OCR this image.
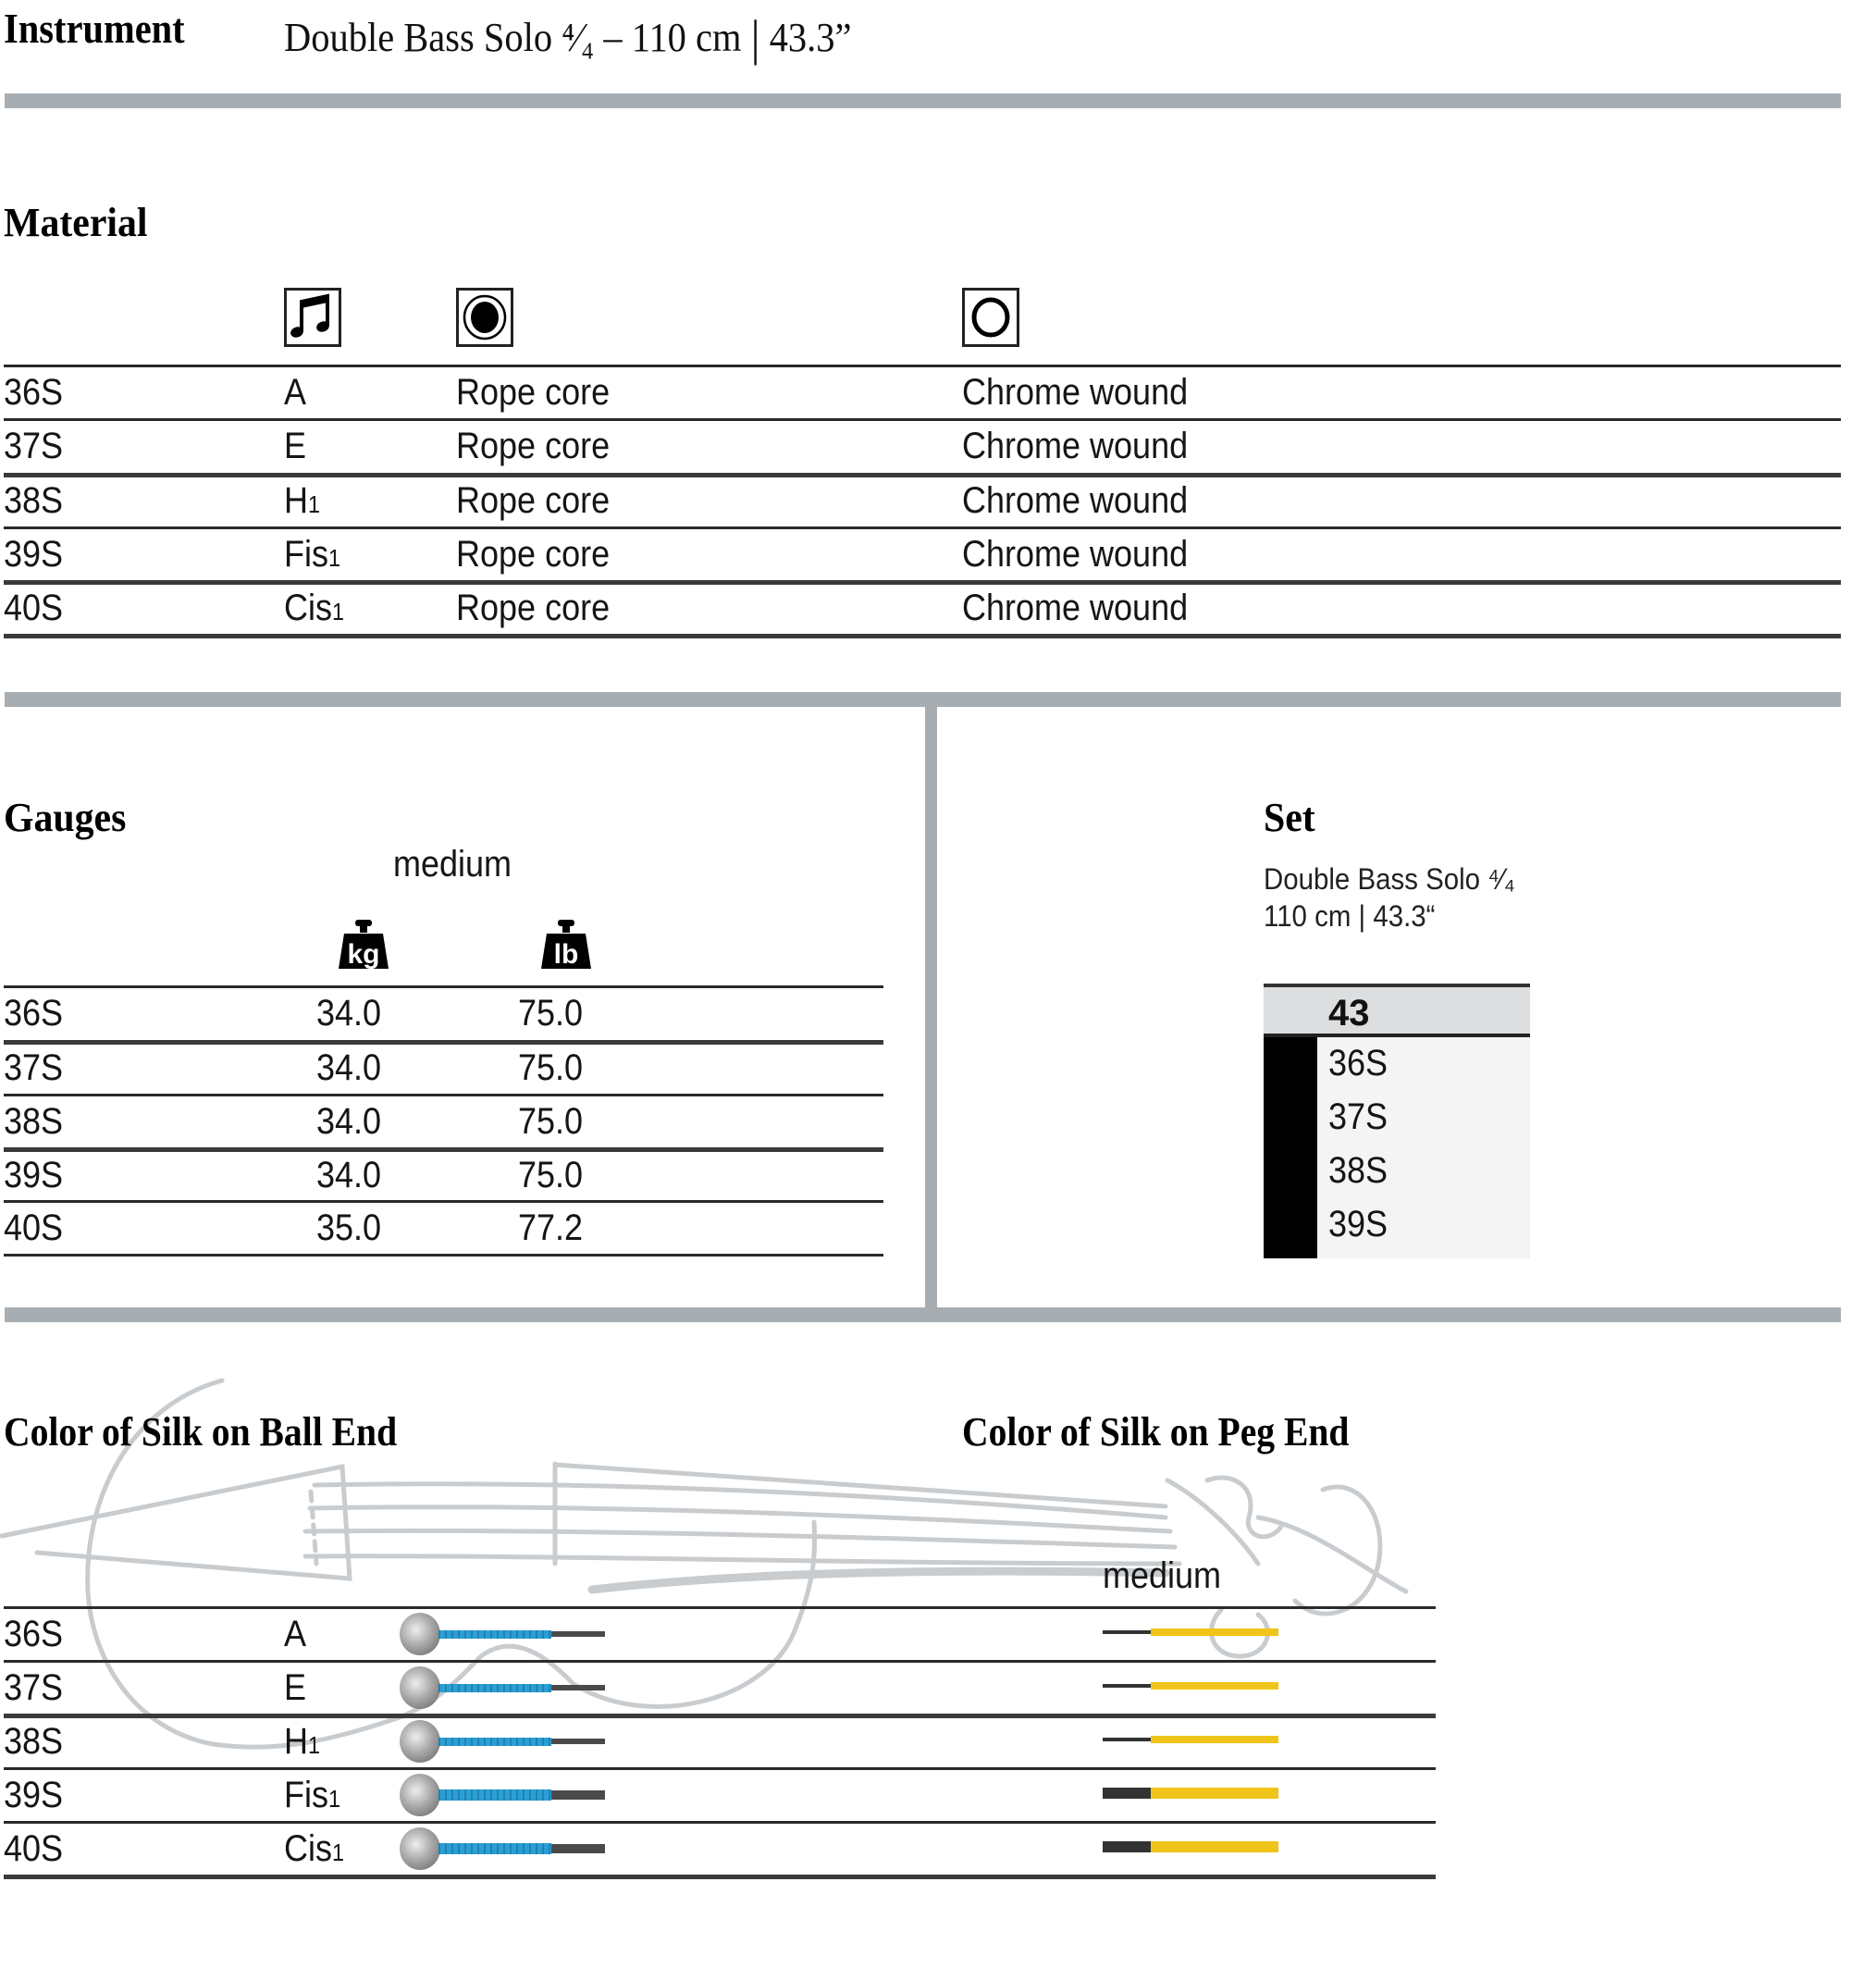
Instrument Double Bass Solo ⁴⁄₄ – 110 cm | 43.3”
Material
36S	A	Rope core	Chrome wound
37S	E	Rope core	Chrome wound
38S	H1	Rope core	Chrome wound
39S	Fis1	Rope core	Chrome wound
40S	Cis1	Rope core	Chrome wound
Gauges
medium
kg	lb
36S	34.0	75.0
37S	34.0	75.0
38S	34.0	75.0
39S	34.0	75.0
40S	35.0	77.2
Set
Double Bass Solo ⁴⁄₄
110 cm | 43.3“
43
36S
37S
38S
39S
Color of Silk on Ball End	Color of Silk on Peg End
medium
36S	A
37S	E
38S	H1
39S	Fis1
40S	Cis1
